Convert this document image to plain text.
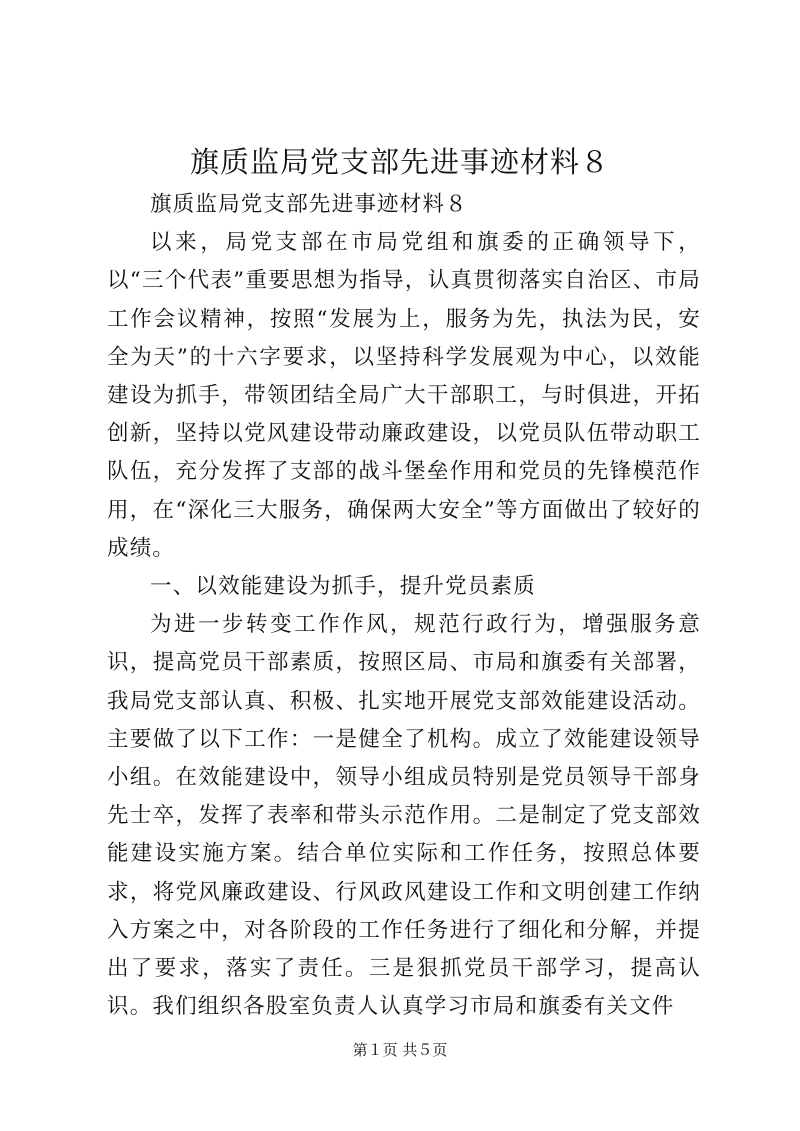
旗质监局党支部先进事迹材料８

旗质监局党支部先进事迹材料８

以来，局党支部在市局党组和旗委的正确领导下，以“三个代表”重要思想为指导，认真贯彻落实自治区、市局工作会议精神，按照“发展为上，服务为先，执法为民，安全为天”的十六字要求，以坚持科学发展观为中心，以效能建设为抓手，带领团结全局广大干部职工，与时俱进，开拓创新，坚持以党风建设带动廉政建设，以党员队伍带动职工队伍，充分发挥了支部的战斗堡垒作用和党员的先锋模范作用，在“深化三大服务，确保两大安全”等方面做出了较好的成绩。

一、以效能建设为抓手，提升党员素质

为进一步转变工作作风，规范行政行为，增强服务意识，提高党员干部素质，按照区局、市局和旗委有关部署，我局党支部认真、积极、扎实地开展党支部效能建设活动。主要做了以下工作：一是健全了机构。成立了效能建设领导小组。在效能建设中，领导小组成员特别是党员领导干部身先士卒，发挥了表率和带头示范作用。二是制定了党支部效能建设实施方案。结合单位实际和工作任务，按照总体要求，将党风廉政建设、行风政风建设工作和文明创建工作纳入方案之中，对各阶段的工作任务进行了细化和分解，并提出了要求，落实了责任。三是狠抓党员干部学习，提高认识。我们组织各股室负责人认真学习市局和旗委有关文件

第１页 共５页
